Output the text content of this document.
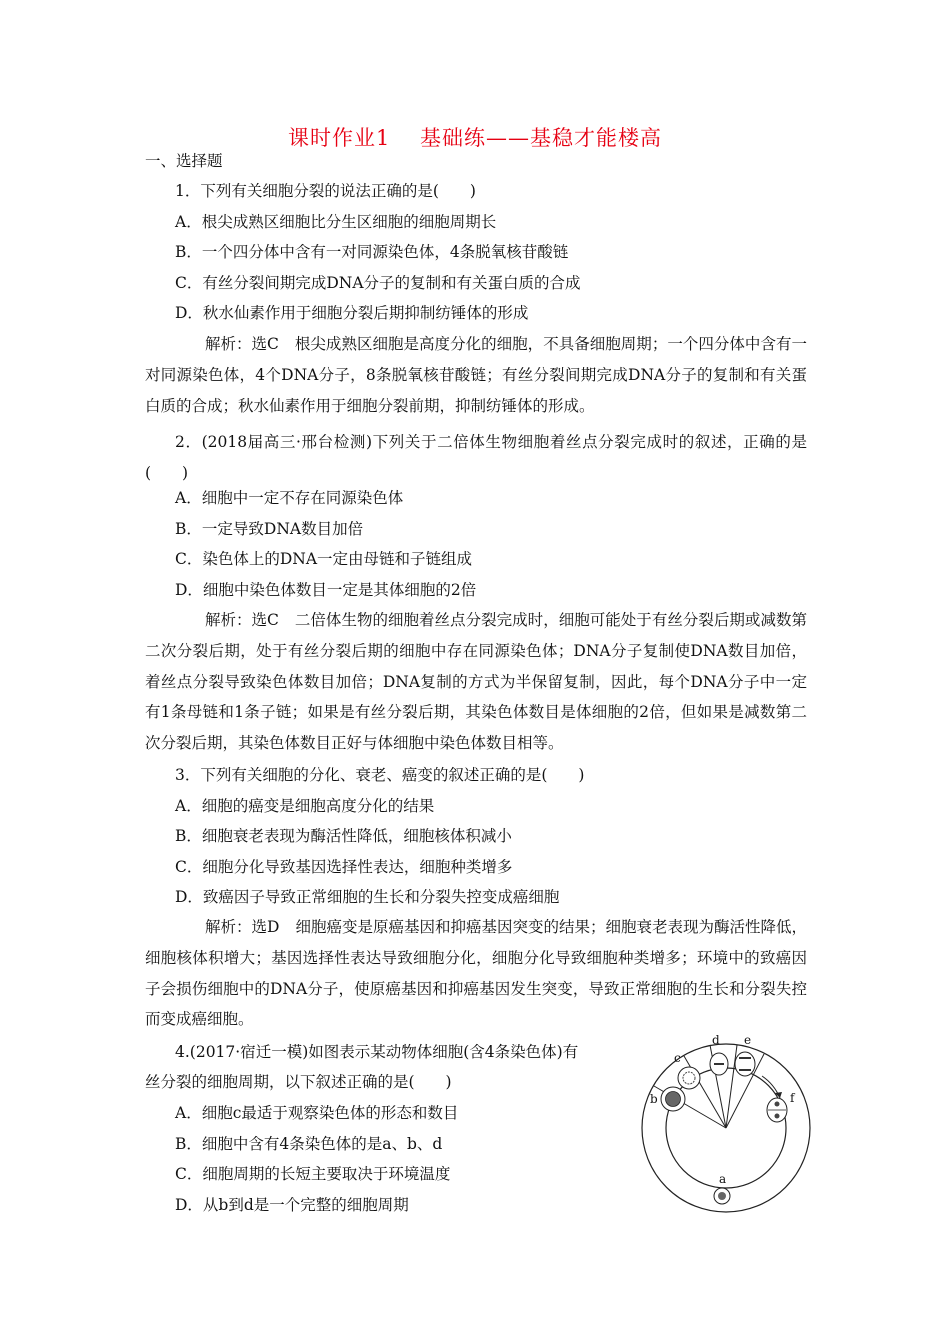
课时作业1　 基础练——基稳才能楼高
一、选择题
1．下列有关细胞分裂的说法正确的是(　　)
A．根尖成熟区细胞比分生区细胞的细胞周期长
B．一个四分体中含有一对同源染色体，4条脱氧核苷酸链
C．有丝分裂间期完成DNA分子的复制和有关蛋白质的合成
D．秋水仙素作用于细胞分裂后期抑制纺锤体的形成
解析：选C 根尖成熟区细胞是高度分化的细胞，不具备细胞周期；一个四分体中含有一对同源染色体，4个DNA分子，8条脱氧核苷酸链；有丝分裂间期完成DNA分子的复制和有关蛋白质的合成；秋水仙素作用于细胞分裂前期，抑制纺锤体的形成。
2．(2018届高三·邢台检测)下列关于二倍体生物细胞着丝点分裂完成时的叙述，正确的是(　　)
A．细胞中一定不存在同源染色体
B．一定导致DNA数目加倍
C．染色体上的DNA一定由母链和子链组成
D．细胞中染色体数目一定是其体细胞的2倍
解析：选C 二倍体生物的细胞着丝点分裂完成时，细胞可能处于有丝分裂后期或减数第二次分裂后期，处于有丝分裂后期的细胞中存在同源染色体；DNA分子复制使DNA数目加倍，着丝点分裂导致染色体数目加倍；DNA复制的方式为半保留复制，因此，每个DNA分子中一定有1条母链和1条子链；如果是有丝分裂后期，其染色体数目是体细胞的2倍，但如果是减数第二次分裂后期，其染色体数目正好与体细胞中染色体数目相等。
3．下列有关细胞的分化、衰老、癌变的叙述正确的是(　　)
A．细胞的癌变是细胞高度分化的结果
B．细胞衰老表现为酶活性降低，细胞核体积减小
C．细胞分化导致基因选择性表达，细胞种类增多
D．致癌因子导致正常细胞的生长和分裂失控变成癌细胞
解析：选D 细胞癌变是原癌基因和抑癌基因突变的结果；细胞衰老表现为酶活性降低，细胞核体积增大；基因选择性表达导致细胞分化，细胞分化导致细胞种类增多；环境中的致癌因子会损伤细胞中的DNA分子，使原癌基因和抑癌基因发生突变，导致正常细胞的生长和分裂失控而变成癌细胞。
4.(2017·宿迁一模)如图表示某动物体细胞(含4条染色体)有
丝分裂的细胞周期，以下叙述正确的是(　　)
A．细胞c最适于观察染色体的形态和数目
B．细胞中含有4条染色体的是a、b、d
C．细胞周期的长短主要取决于环境温度
D．从b到d是一个完整的细胞周期
a
b
c
d e
f
